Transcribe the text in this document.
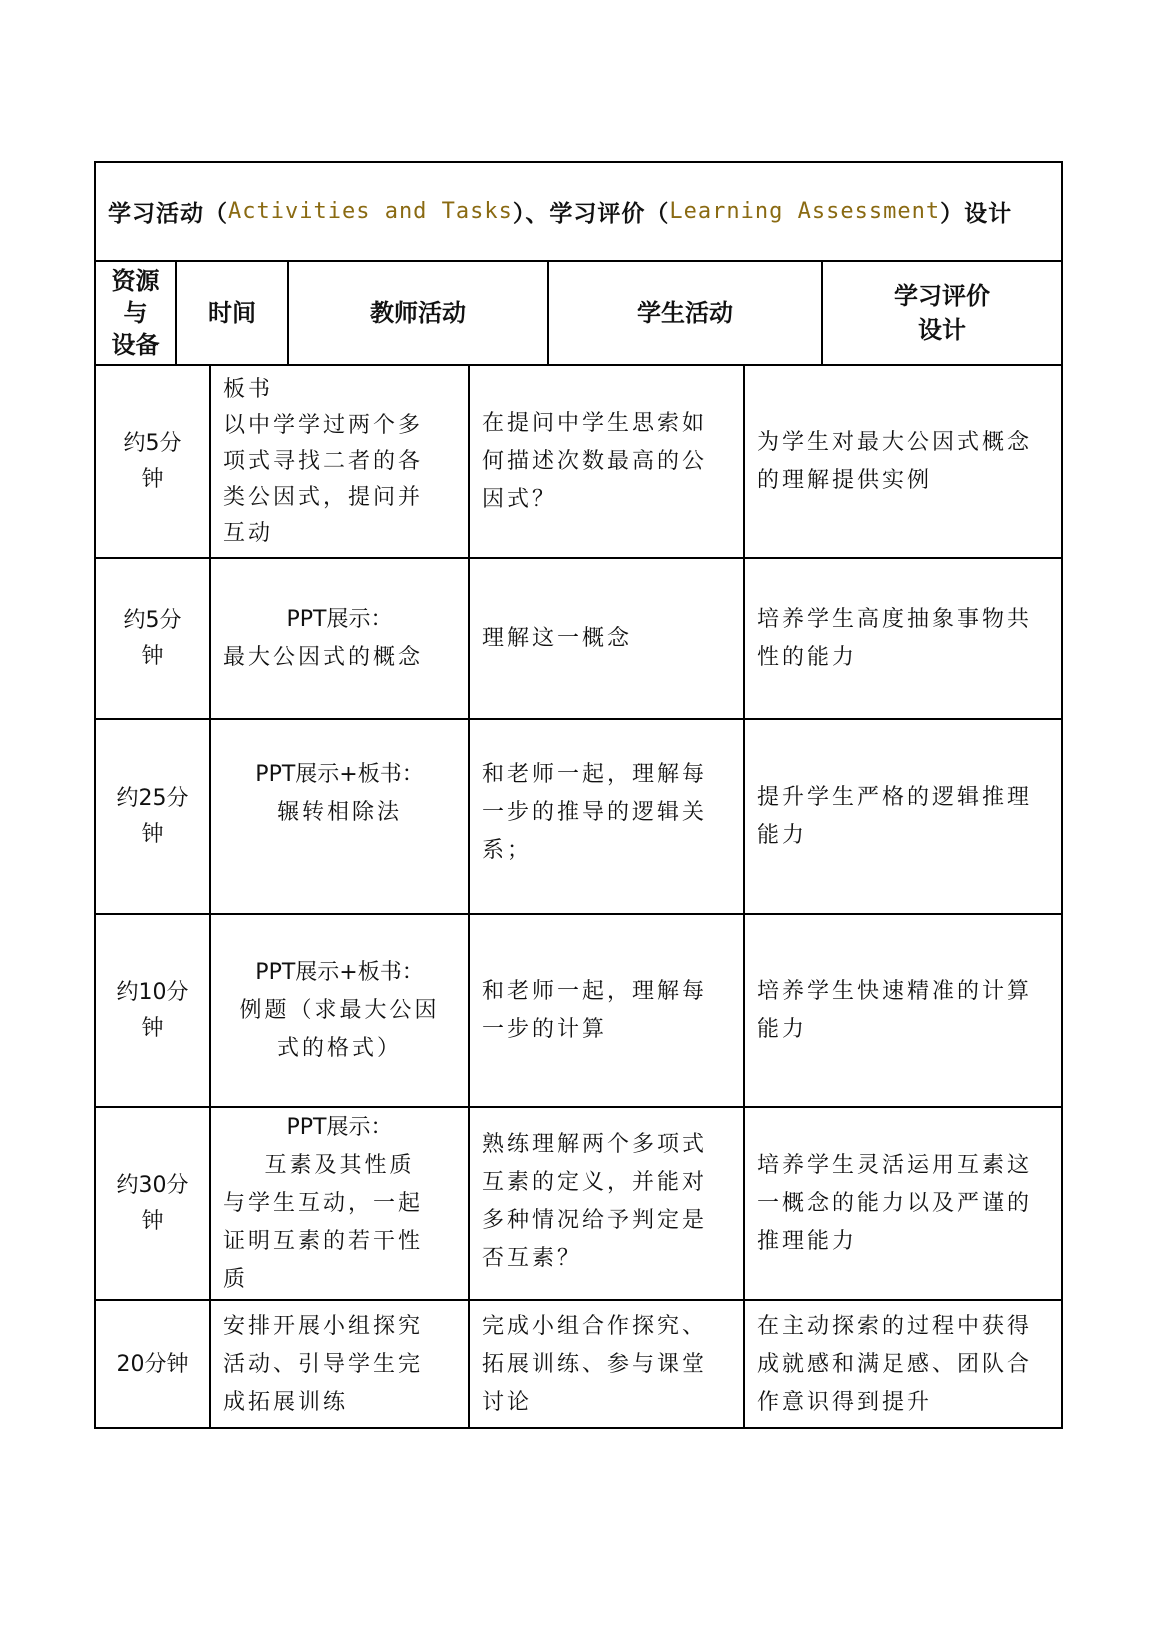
学习活动（ Activities and Tasks ）、学习评价（ Learning Assessment ）设计
资源
与
设备
时间	教师活动	学生活动
学习评价
设计
约5分
钟
板书
以中学学过两个多
项式寻找二者的各
类公因式，提问并
互动
在提问中学生思索如
何描述次数最高的公
因式？
为学生对最大公因式概念
的理解提供实例
约5分
钟
PPT展示：
最大公因式的概念
理解这一概念
培养学生高度抽象事物共
性的能力
约25分
钟
PPT展示+板书：
辗转相除法
和老师一起，理解每
一步的推导的逻辑关
系；
提升学生严格的逻辑推理
能力
约10分
钟
PPT展示+板书：
例题（求最大公因
式的格式）
和老师一起，理解每
一步的计算
培养学生快速精准的计算
能力
约30分
钟
PPT展示：
互素及其性质
与学生互动，一起
证明互素的若干性
质
熟练理解两个多项式
互素的定义，并能对
多种情况给予判定是
否互素？
培养学生灵活运用互素这
一概念的能力以及严谨的
推理能力
20分钟
安排开展小组探究
活动、引导学生完
成拓展训练
完成小组合作探究、
拓展训练、参与课堂
讨论
在主动探索的过程中获得
成就感和满足感、团队合
作意识得到提升
